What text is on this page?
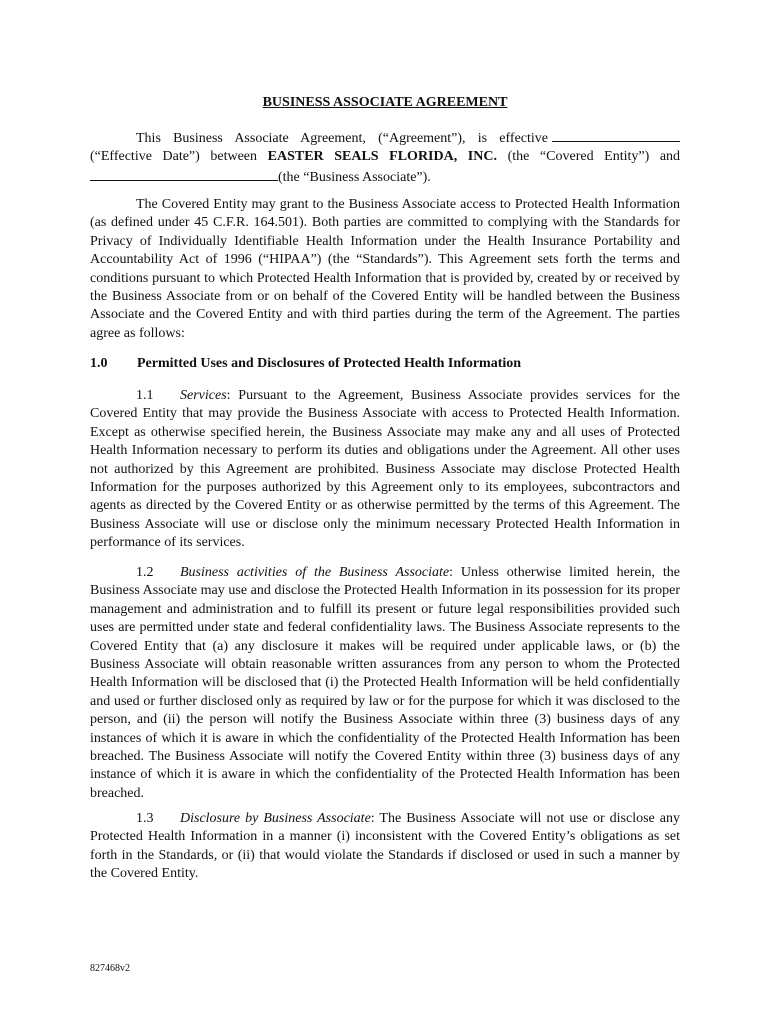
BUSINESS ASSOCIATE AGREEMENT

This Business Associate Agreement, (“Agreement”), is effective (“Effective Date”) between EASTER SEALS FLORIDA, INC. (the “Covered Entity”) and (the “Business Associate”).

The Covered Entity may grant to the Business Associate access to Protected Health Information (as defined under 45 C.F.R. 164.501). Both parties are committed to complying with the Standards for Privacy of Individually Identifiable Health Information under the Health Insurance Portability and Accountability Act of 1996 (“HIPAA”) (the “Standards”). This Agreement sets forth the terms and conditions pursuant to which Protected Health Information that is provided by, created by or received by the Business Associate from or on behalf of the Covered Entity will be handled between the Business Associate and the Covered Entity and with third parties during the term of the Agreement. The parties agree as follows:

1.0 Permitted Uses and Disclosures of Protected Health Information

1.1 Services: Pursuant to the Agreement, Business Associate provides services for the Covered Entity that may provide the Business Associate with access to Protected Health Information. Except as otherwise specified herein, the Business Associate may make any and all uses of Protected Health Information necessary to perform its duties and obligations under the Agreement. All other uses not authorized by this Agreement are prohibited. Business Associate may disclose Protected Health Information for the purposes authorized by this Agreement only to its employees, subcontractors and agents as directed by the Covered Entity or as otherwise permitted by the terms of this Agreement. The Business Associate will use or disclose only the minimum necessary Protected Health Information in performance of its services.

1.2 Business activities of the Business Associate: Unless otherwise limited herein, the Business Associate may use and disclose the Protected Health Information in its possession for its proper management and administration and to fulfill its present or future legal responsibilities provided such uses are permitted under state and federal confidentiality laws. The Business Associate represents to the Covered Entity that (a) any disclosure it makes will be required under applicable laws, or (b) the Business Associate will obtain reasonable written assurances from any person to whom the Protected Health Information will be disclosed that (i) the Protected Health Information will be held confidentially and used or further disclosed only as required by law or for the purpose for which it was disclosed to the person, and (ii) the person will notify the Business Associate within three (3) business days of any instances of which it is aware in which the confidentiality of the Protected Health Information has been breached. The Business Associate will notify the Covered Entity within three (3) business days of any instance of which it is aware in which the confidentiality of the Protected Health Information has been breached.

1.3 Disclosure by Business Associate: The Business Associate will not use or disclose any Protected Health Information in a manner (i) inconsistent with the Covered Entity’s obligations as set forth in the Standards, or (ii) that would violate the Standards if disclosed or used in such a manner by the Covered Entity.

827468v2
